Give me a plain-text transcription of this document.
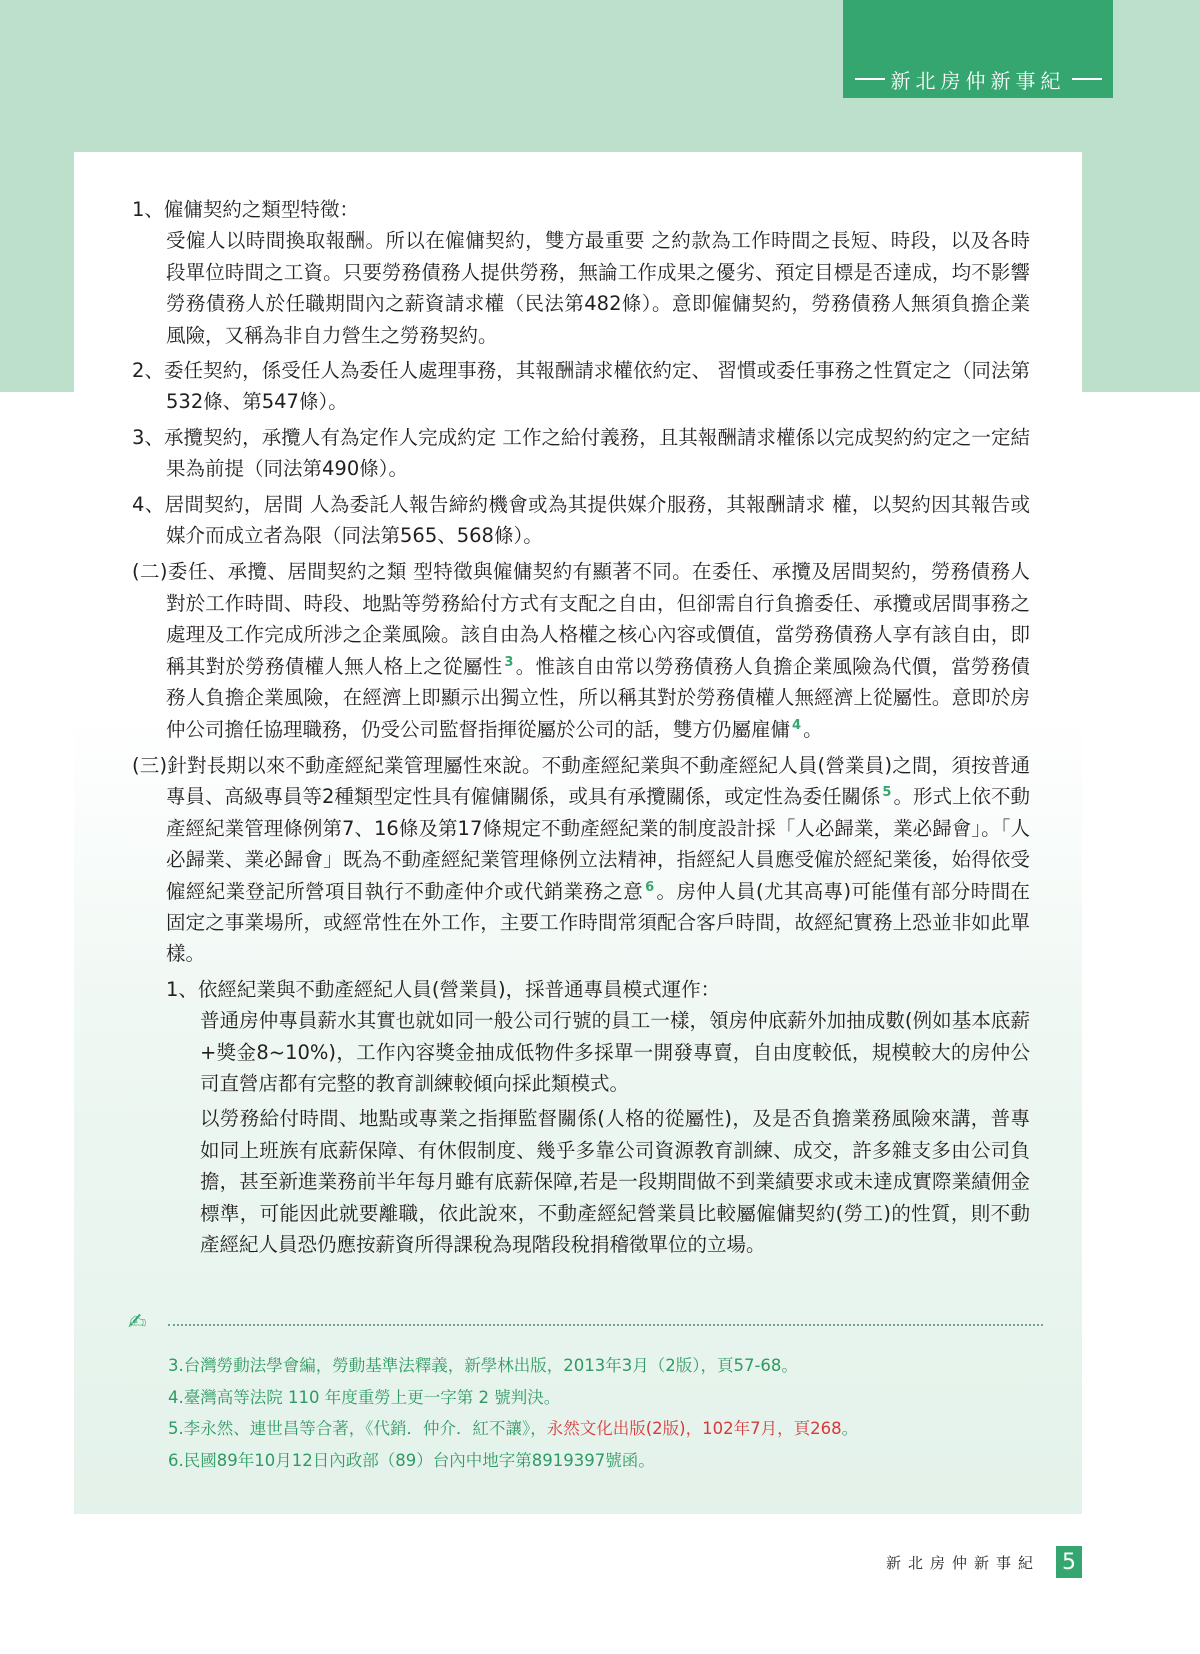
新北房仲新事紀

1、僱傭契約之類型特徵：

受僱人以時間換取報酬。所以在僱傭契約，雙方最重要 之約款為工作時間之長短、時段，以及各時段單位時間之工資。只要勞務債務人提供勞務，無論工作成果之優劣、預定目標是否達成，均不影響勞務債務人於任職期間內之薪資請求權（民法第482條）。意即僱傭契約，勞務債務人無須負擔企業風險，又稱為非自力營生之勞務契約。

2、委任契約，係受任人為委任人處理事務，其報酬請求權依約定、 習慣或委任事務之性質定之（同法第532條、第547條）。

3、承攬契約，承攬人有為定作人完成約定 工作之給付義務，且其報酬請求權係以完成契約約定之一定結果為前提（同法第490條）。

4、居間契約，居間 人為委託人報告締約機會或為其提供媒介服務，其報酬請求 權，以契約因其報告或媒介而成立者為限（同法第565、568條）。

(二)委任、承攬、居間契約之類 型特徵與僱傭契約有顯著不同。在委任、承攬及居間契約，勞務債務人對於工作時間、時段、地點等勞務給付方式有支配之自由，但卻需自行負擔委任、承攬或居間事務之處理及工作完成所涉之企業風險。該自由為人格權之核心內容或價值，當勞務債務人享有該自由，即稱其對於勞務債權人無人格上之從屬性 $^3$ 。惟該自由常以勞務債務人負擔企業風險為代價，當勞務債務人負擔企業風險，在經濟上即顯示出獨立性，所以稱其對於勞務債權人無經濟上從屬性。意即於房仲公司擔任協理職務，仍受公司監督指揮從屬於公司的話，雙方仍屬雇傭 $^4$ 。

(三)針對長期以來不動產經紀業管理屬性來說。不動產經紀業與不動產經紀人員(營業員)之間，須按普通專員、高級專員等2種類型定性具有僱傭關係，或具有承攬關係，或定性為委任關係 $^5$ 。形式上依不動產經紀業管理條例第7、16條及第17條規定不動產經紀業的制度設計採「人必歸業，業必歸會」。「人必歸業、業必歸會」既為不動產經紀業管理條例立法精神，指經紀人員應受僱於經紀業後，始得依受僱經紀業登記所營項目執行不動產仲介或代銷業務之意 $^6$ 。房仲人員(尤其高專)可能僅有部分時間在固定之事業場所，或經常性在外工作，主要工作時間常須配合客戶時間，故經紀實務上恐並非如此單樣。

1、依經紀業與不動產經紀人員(營業員)，採普通專員模式運作：

普通房仲專員薪水其實也就如同一般公司行號的員工一樣，領房仲底薪外加抽成數(例如基本底薪+獎金8~10%)，工作內容獎金抽成低物件多採單一開發專賣，自由度較低，規模較大的房仲公司直營店都有完整的教育訓練較傾向採此類模式。

以勞務給付時間、地點或專業之指揮監督關係(人格的從屬性)，及是否負擔業務風險來講，普專如同上班族有底薪保障、有休假制度、幾乎多靠公司資源教育訓練、成交，許多雜支多由公司負擔，甚至新進業務前半年每月雖有底薪保障,若是一段期間做不到業績要求或未達成實際業績佣金標準，可能因此就要離職，依此說來，不動產經紀營業員比較屬僱傭契約(勞工)的性質，則不動產經紀人員恐仍應按薪資所得課稅為現階段稅捐稽徵單位的立場。

✍

3.台灣勞動法學會編，勞動基準法釋義，新學林出版，2013年3月（2版），頁57-68。

4.臺灣高等法院 110 年度重勞上更一字第 2 號判決。

5.李永然、連世昌等合著，《代銷．仲介．紅不讓》，永然文化出版(2版)，102年7月，頁268。

6.民國89年10月12日內政部（89）台內中地字第8919397號函。

新北房仲新事紀 5
